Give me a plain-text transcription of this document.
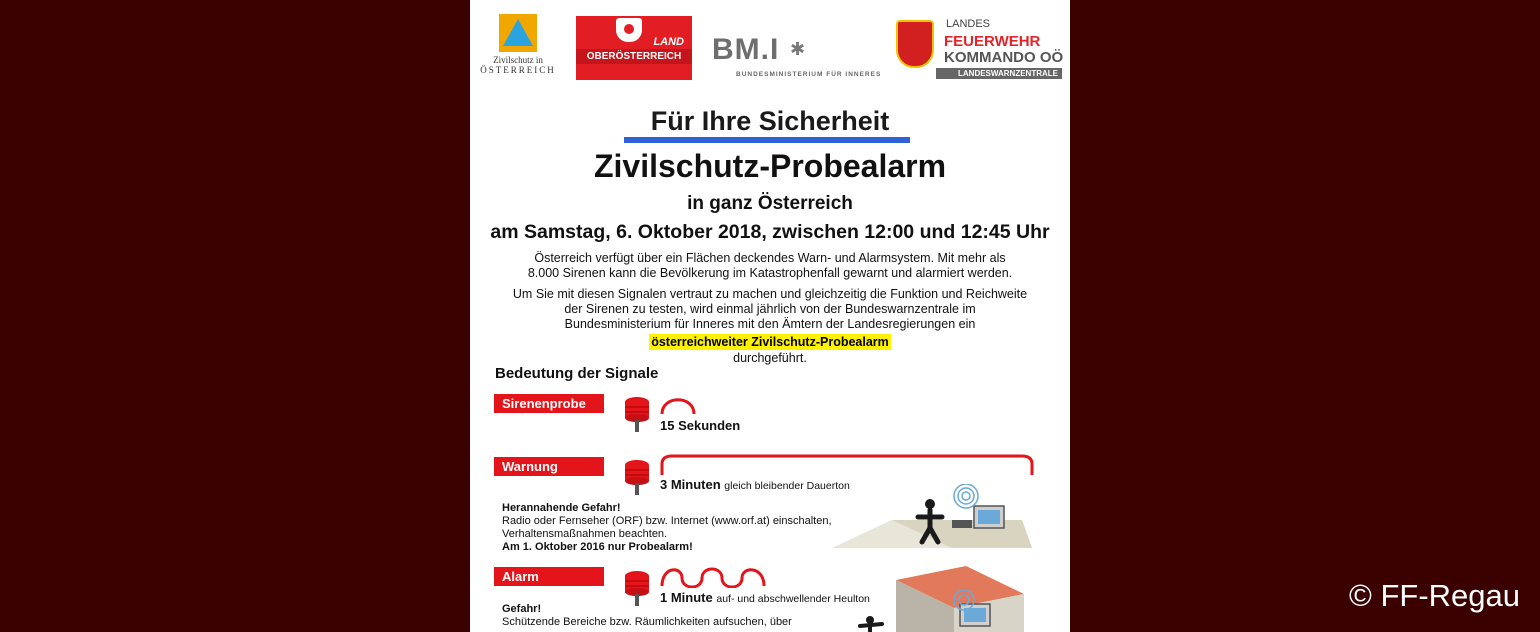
Zivilschutz in
ÖSTERREICH
LAND
OBERÖSTERREICH	BM.I ✱
BUNDESMINISTERIUM FÜR INNERES
LANDES
FEUERWEHR
KOMMANDO OÖ
LANDESWARNZENTRALE
Für Ihre Sicherheit
Zivilschutz-Probealarm
in ganz Österreich
am Samstag, 6. Oktober 2018, zwischen 12:00 und 12:45 Uhr
Österreich verfügt über ein Flächen deckendes Warn- und Alarmsystem. Mit mehr als
8.000 Sirenen kann die Bevölkerung im Katastrophenfall gewarnt und alarmiert werden.
Um Sie mit diesen Signalen vertraut zu machen und gleichzeitig die Funktion und Reichweite
der Sirenen zu testen, wird einmal jährlich von der Bundeswarnzentrale im
Bundesministerium für Inneres mit den Ämtern der Landesregierungen ein
österreichweiter Zivilschutz-Probealarm
durchgeführt.
Bedeutung der Signale
Sirenenprobe
15 Sekunden
Warnung
3 Minuten gleich bleibender Dauerton
Herannahende Gefahr!
Radio oder Fernseher (ORF) bzw. Internet (www.orf.at) einschalten,
Verhaltensmaßnahmen beachten.
Am 1. Oktober 2016 nur Probealarm!
Alarm
1 Minute auf- und abschwellender Heulton
Gefahr!
Schützende Bereiche bzw. Räumlichkeiten aufsuchen, über
© FF-Regau
